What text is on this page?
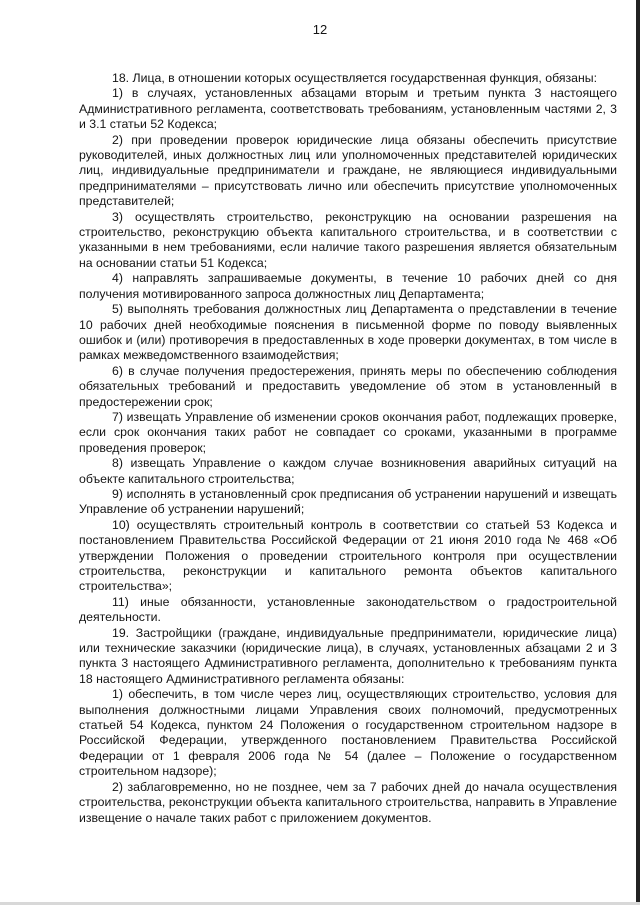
12

18. Лица, в отношении которых осуществляется государственная функция, обязаны:

1) в случаях, установленных абзацами вторым и третьим пункта 3 настоящего Административного регламента, соответствовать требованиям, установленным частями 2, 3 и 3.1 статьи 52 Кодекса;

2) при проведении проверок юридические лица обязаны обеспечить присутствие руководителей, иных должностных лиц или уполномоченных представителей юридических лиц, индивидуальные предприниматели и граждане, не являющиеся индивидуальными предпринимателями – присутствовать лично или обеспечить присутствие уполномоченных представителей;

3) осуществлять строительство, реконструкцию на основании разрешения на строительство, реконструкцию объекта капитального строительства, и в соответствии с указанными в нем требованиями, если наличие такого разрешения является обязательным на основании статьи 51 Кодекса;

4) направлять запрашиваемые документы, в течение 10 рабочих дней со дня получения мотивированного запроса должностных лиц Департамента;

5) выполнять требования должностных лиц Департамента о представлении в течение 10 рабочих дней необходимые пояснения в письменной форме по поводу выявленных ошибок и (или) противоречия в предоставленных в ходе проверки документах, в том числе в рамках межведомственного взаимодействия;

6) в случае получения предостережения, принять меры по обеспечению соблюдения обязательных требований и предоставить уведомление об этом в установленный в предостережении срок;

7) извещать Управление об изменении сроков окончания работ, подлежащих проверке, если срок окончания таких работ не совпадает со сроками, указанными в программе проведения проверок;

8) извещать Управление о каждом случае возникновения аварийных ситуаций на объекте капитального строительства;

9) исполнять в установленный срок предписания об устранении нарушений и извещать Управление об устранении нарушений;

10) осуществлять строительный контроль в соответствии со статьей 53 Кодекса и постановлением Правительства Российской Федерации от 21 июня 2010 года № 468 «Об утверждении Положения о проведении строительного контроля при осуществлении строительства, реконструкции и капитального ремонта объектов капитального строительства»;

11) иные обязанности, установленные законодательством о градостроительной деятельности.

19. Застройщики (граждане, индивидуальные предприниматели, юридические лица) или технические заказчики (юридические лица), в случаях, установленных абзацами 2 и 3 пункта 3 настоящего Административного регламента, дополнительно к требованиям пункта 18 настоящего Административного регламента обязаны:

1) обеспечить, в том числе через лиц, осуществляющих строительство, условия для выполнения должностными лицами Управления своих полномочий, предусмотренных статьей 54 Кодекса, пунктом 24 Положения о государственном строительном надзоре в Российской Федерации, утвержденного постановлением Правительства Российской Федерации от 1 февраля 2006 года № 54 (далее – Положение о государственном строительном надзоре);

2) заблаговременно, но не позднее, чем за 7 рабочих дней до начала осуществления строительства, реконструкции объекта капитального строительства, направить в Управление извещение о начале таких работ с приложением документов.
